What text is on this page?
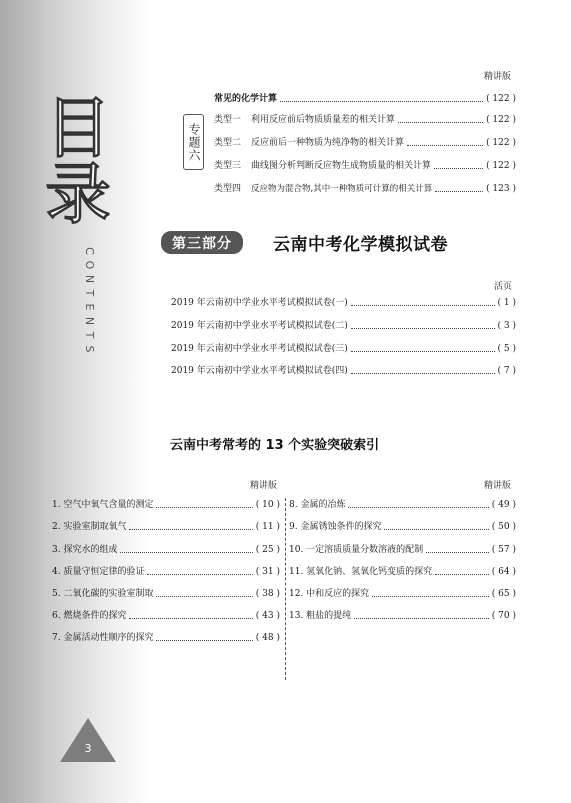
目
录
C
O
N
T
E
N
T
S
精讲版
常见的化学计算	( 122 )
专题六
类型一 利用反应前后物质质量差的相关计算	( 122 )
类型二 反应前后一种物质为纯净物的相关计算	( 122 )
类型三 曲线图分析判断反应物生成物质量的相关计算	( 122 )
类型四 反应物为混合物,其中一种物质可计算的相关计算	( 123 )
第三部分	云南中考化学模拟试卷
活页
2019 年云南初中学业水平考试模拟试卷(一)	( 1 )
2019 年云南初中学业水平考试模拟试卷(二)	( 3 )
2019 年云南初中学业水平考试模拟试卷(三)	( 5 )
2019 年云南初中学业水平考试模拟试卷(四)	( 7 )
云南中考常考的 13 个实验突破索引
精讲版	精讲版
1. 空气中氧气含量的测定	( 10 )
2. 实验室制取氧气	( 11 )
3. 探究水的组成	( 25 )
4. 质量守恒定律的验证	( 31 )
5. 二氧化碳的实验室制取	( 38 )
6. 燃烧条件的探究	( 43 )
7. 金属活动性顺序的探究	( 48 )
8. 金属的冶炼	( 49 )
9. 金属锈蚀条件的探究	( 50 )
10. 一定溶质质量分数溶液的配制	( 57 )
11. 氢氧化钠、氢氧化钙变质的探究	( 64 )
12. 中和反应的探究	( 65 )
13. 粗盐的提纯	( 70 )
3
